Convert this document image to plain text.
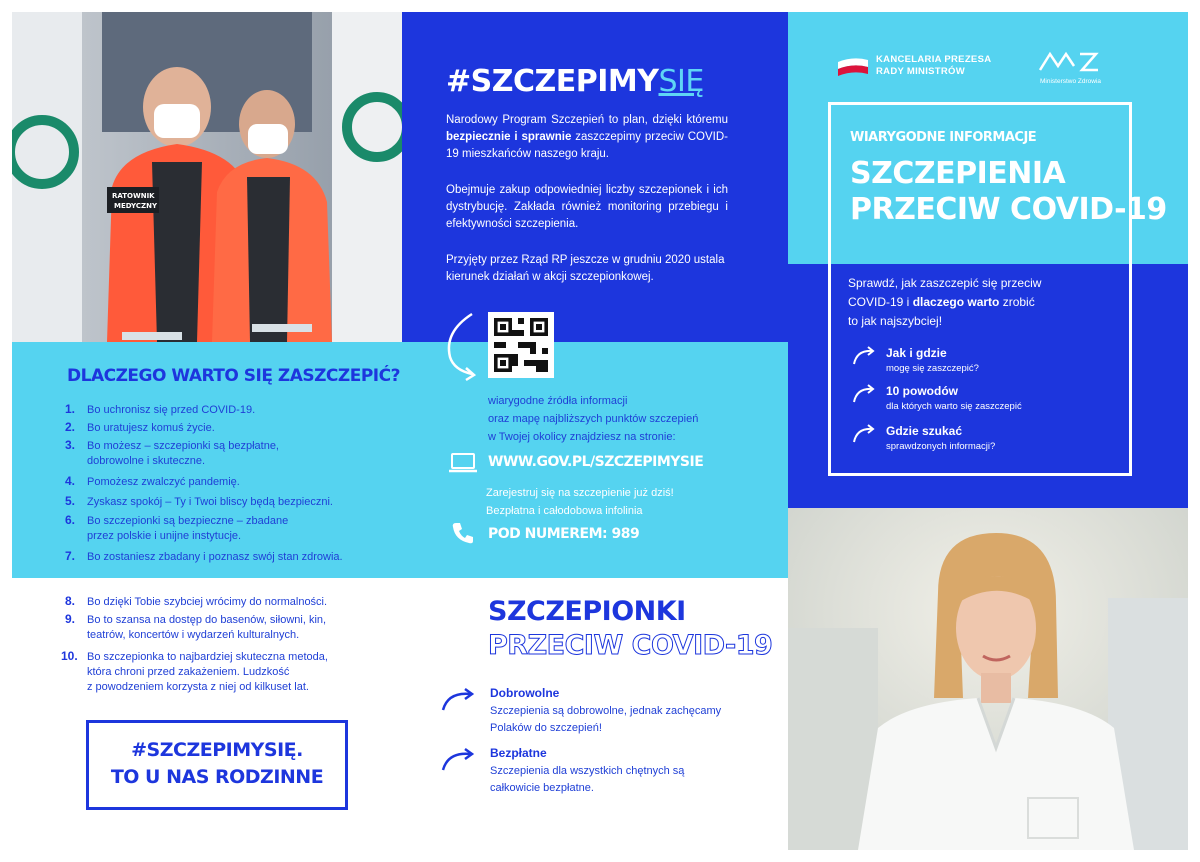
RATOWNIK
MEDYCZNY
DLACZEGO WARTO SIĘ ZASZCZEPIĆ?
1. Bo uchronisz się przed COVID-19.
2. Bo uratujesz komuś życie.
3. Bo możesz – szczepionki są bezpłatne,
dobrowolne i skuteczne.
4. Pomożesz zwalczyć pandemię.
5. Zyskasz spokój – Ty i Twoi bliscy będą bezpieczni.
6. Bo szczepionki są bezpieczne – zbadane
przez polskie i unijne instytucje.
7. Bo zostaniesz zbadany i poznasz swój stan zdrowia.
8. Bo dzięki Tobie szybciej wrócimy do normalności.
9. Bo to szansa na dostęp do basenów, siłowni, kin,
teatrów, koncertów i wydarzeń kulturalnych.
10. Bo szczepionka to najbardziej skuteczna metoda,
która chroni przed zakażeniem. Ludzkość
z powodzeniem korzysta z niej od kilkuset lat.
#SZCZEPIMYSIĘ.
TO U NAS RODZINNE
#SZCZEPIMYSIĘ
Narodowy Program Szczepień to plan, dzięki któremu bezpiecznie i sprawnie zaszczepimy przeciw COVID-19 mieszkańców naszego kraju.
Obejmuje zakup odpowiedniej liczby szczepionek i ich dystrybucję. Zakłada również monitoring przebiegu i efektywności szczepienia.
Przyjęty przez Rząd RP jeszcze w grudniu 2020 ustala kierunek działań w akcji szczepionkowej.
wiarygodne źródła informacji
oraz mapę najbliższych punktów szczepień
w Twojej okolicy znajdziesz na stronie:
WWW.GOV.PL/SZCZEPIMYSIE
Zarejestruj się na szczepienie już dziś!
Bezpłatna i całodobowa infolinia
POD NUMEREM: 989
SZCZEPIONKI
PRZECIW COVID-19
Dobrowolne
Szczepienia są dobrowolne, jednak zachęcamy
Polaków do szczepień!
Bezpłatne
Szczepienia dla wszystkich chętnych są
całkowicie bezpłatne.
KANCELARIA PREZESA
RADY MINISTRÓW
Ministerstwo Zdrowia
Sprawdź, jak zaszczepić się przeciw
COVID-19 i dlaczego warto zrobić
to jak najszybciej!
Jak i gdzie
mogę się zaszczepić?
10 powodów
dla których warto się zaszczepić
Gdzie szukać
sprawdzonych informacji?
WIARYGODNE INFORMACJE
SZCZEPIENIA
PRZECIW COVID-19
